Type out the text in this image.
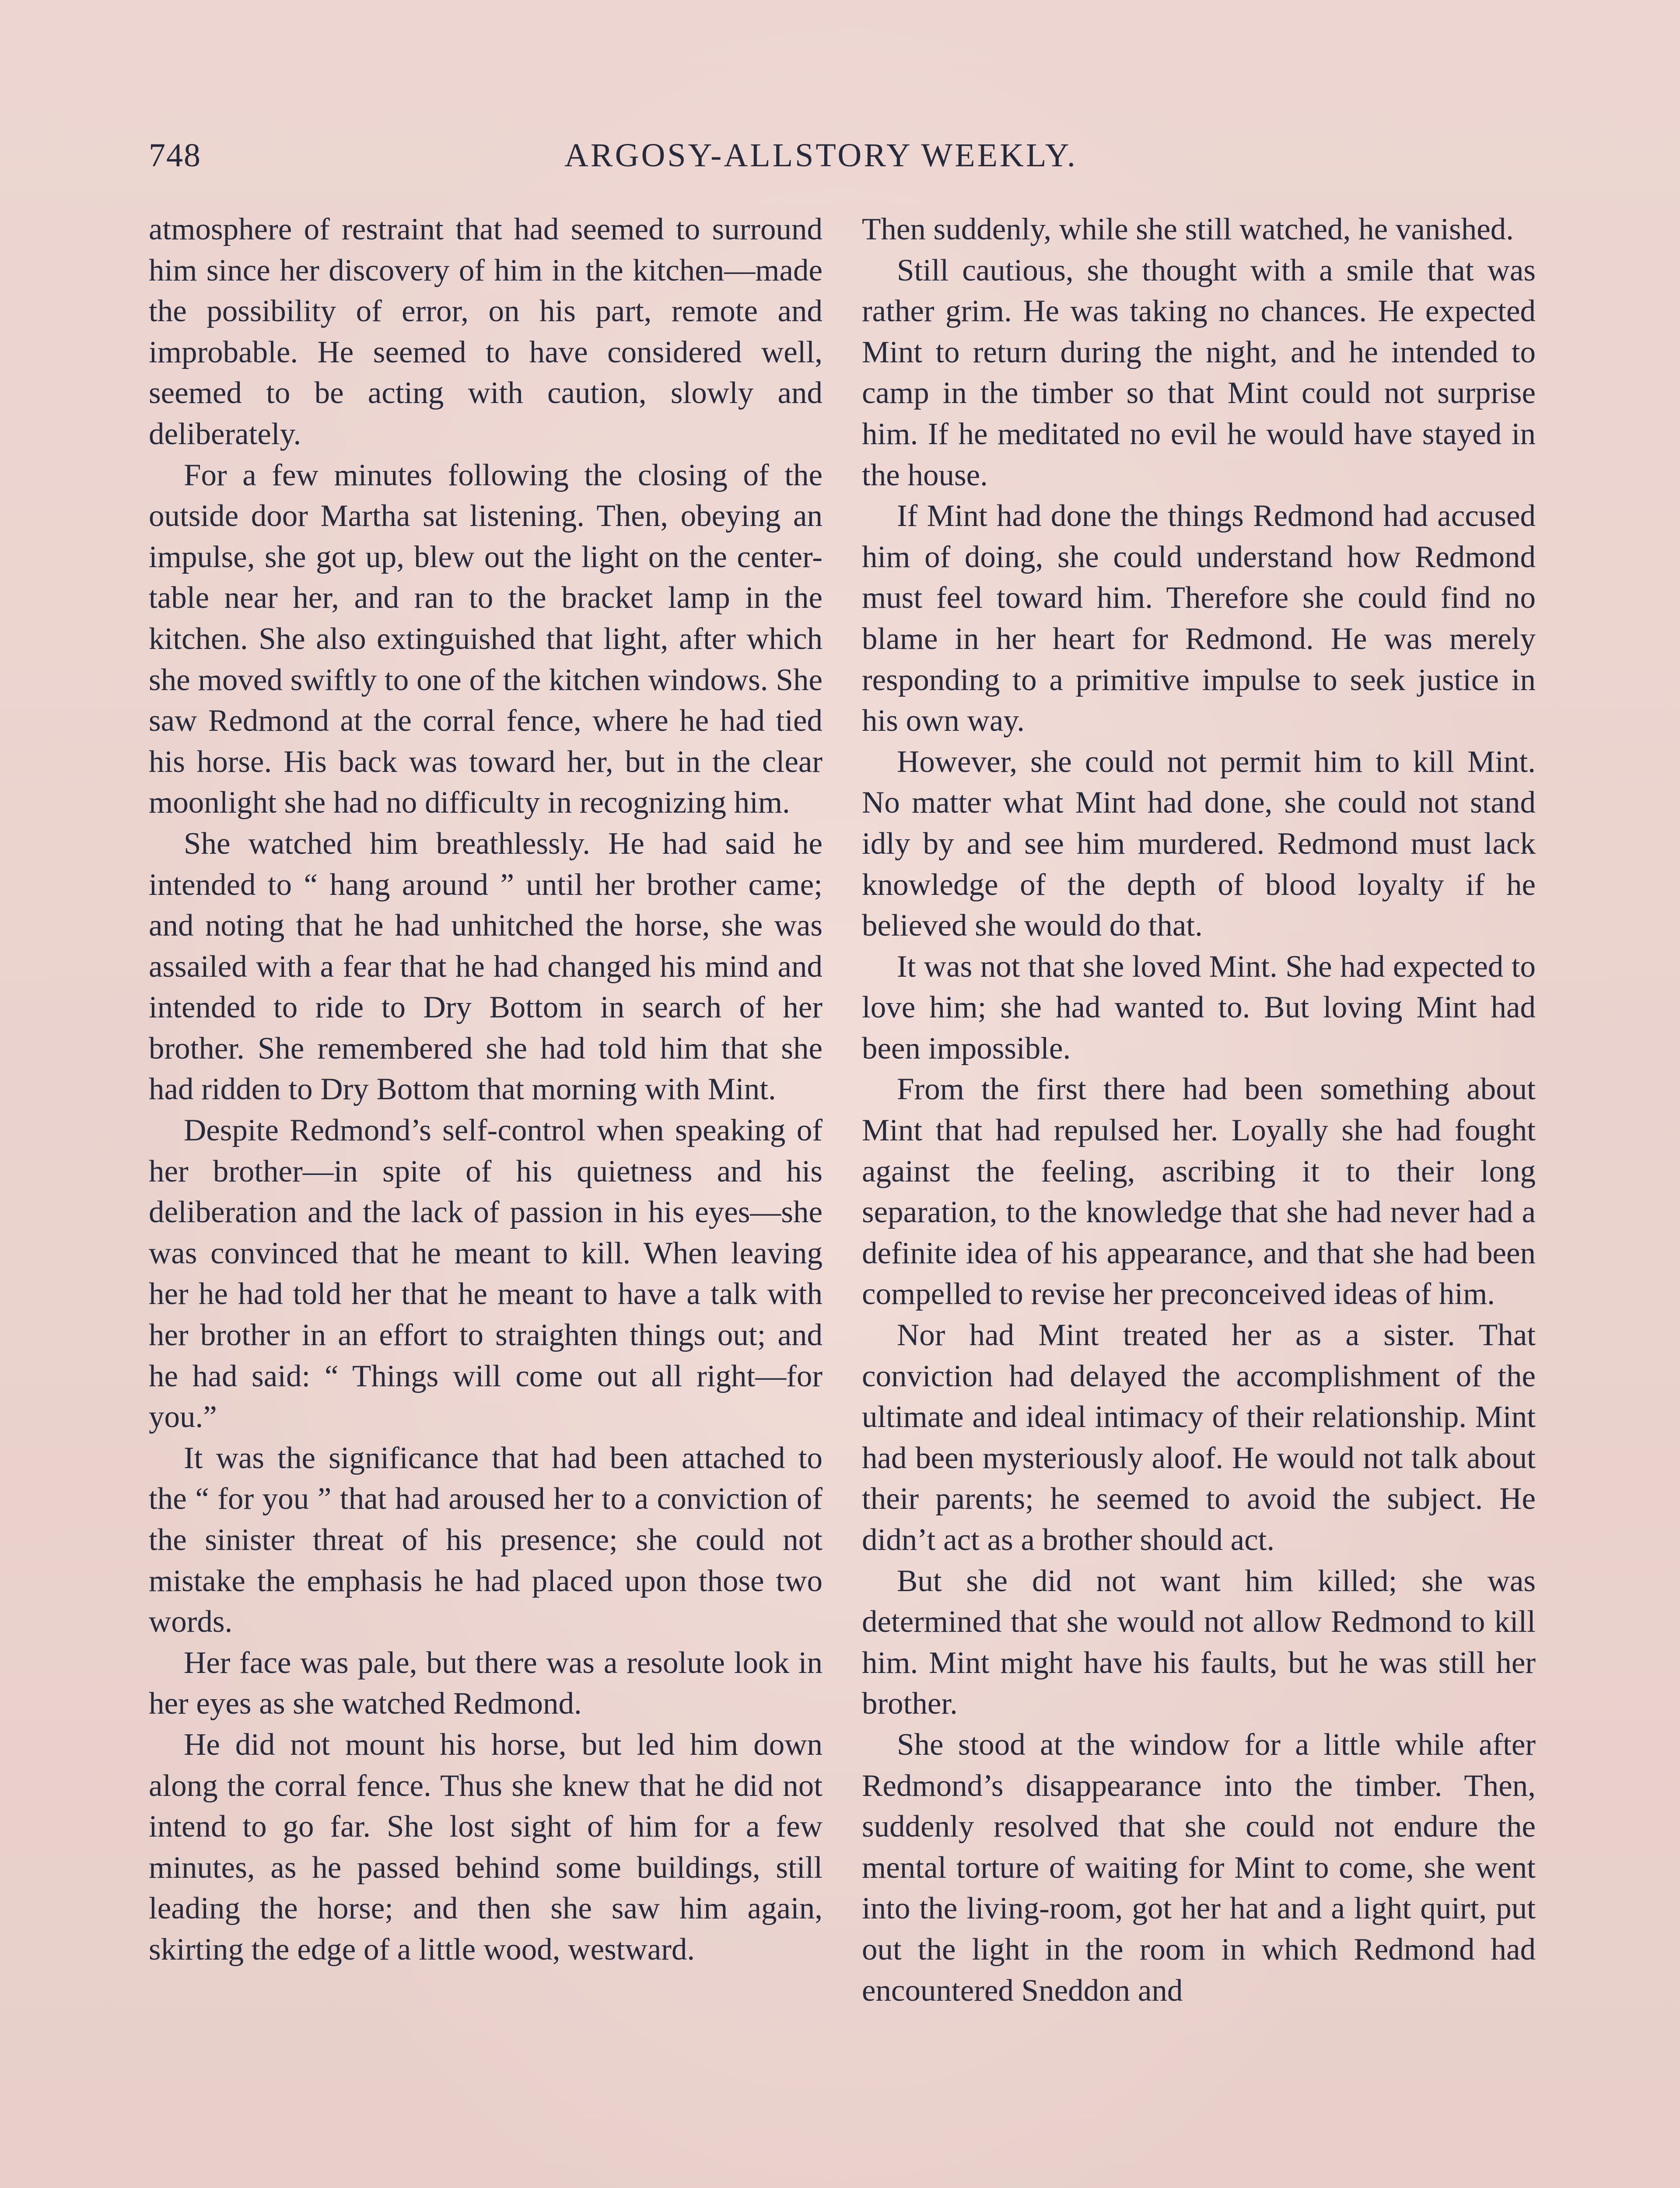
748	ARGOSY-ALLSTORY WEEKLY.

atmosphere of restraint that had seemed to surround him since her discovery of him in the kitchen—made the possibility of error, on his part, remote and improbable. He seemed to have considered well, seemed to be acting with caution, slowly and deliberately.

For a few minutes following the closing of the outside door Martha sat listening. Then, obeying an impulse, she got up, blew out the light on the center-table near her, and ran to the bracket lamp in the kitchen. She also extinguished that light, after which she moved swiftly to one of the kitchen windows. She saw Redmond at the corral fence, where he had tied his horse. His back was toward her, but in the clear moonlight she had no difficulty in recognizing him.

She watched him breathlessly. He had said he intended to “ hang around ” until her brother came; and noting that he had unhitched the horse, she was assailed with a fear that he had changed his mind and intended to ride to Dry Bottom in search of her brother. She remembered she had told him that she had ridden to Dry Bottom that morning with Mint.

Despite Redmond’s self-control when speaking of her brother—in spite of his quietness and his deliberation and the lack of passion in his eyes—she was convinced that he meant to kill. When leaving her he had told her that he meant to have a talk with her brother in an effort to straighten things out; and he had said: “ Things will come out all right—for you.”

It was the significance that had been attached to the “ for you ” that had aroused her to a conviction of the sinister threat of his presence; she could not mistake the emphasis he had placed upon those two words.

Her face was pale, but there was a resolute look in her eyes as she watched Redmond.

He did not mount his horse, but led him down along the corral fence. Thus she knew that he did not intend to go far. She lost sight of him for a few minutes, as he passed behind some buildings, still leading the horse; and then she saw him again, skirting the edge of a little wood, westward.

Then suddenly, while she still watched, he vanished.

Still cautious, she thought with a smile that was rather grim. He was taking no chances. He expected Mint to return during the night, and he intended to camp in the timber so that Mint could not surprise him. If he meditated no evil he would have stayed in the house.

If Mint had done the things Redmond had accused him of doing, she could understand how Redmond must feel toward him. Therefore she could find no blame in her heart for Redmond. He was merely responding to a primitive impulse to seek justice in his own way.

However, she could not permit him to kill Mint. No matter what Mint had done, she could not stand idly by and see him murdered. Redmond must lack knowledge of the depth of blood loyalty if he believed she would do that.

It was not that she loved Mint. She had expected to love him; she had wanted to. But loving Mint had been impossible.

From the first there had been something about Mint that had repulsed her. Loyally she had fought against the feeling, ascribing it to their long separation, to the knowledge that she had never had a definite idea of his appearance, and that she had been compelled to revise her preconceived ideas of him.

Nor had Mint treated her as a sister. That conviction had delayed the accomplishment of the ultimate and ideal intimacy of their relationship. Mint had been mysteriously aloof. He would not talk about their parents; he seemed to avoid the subject. He didn’t act as a brother should act.

But she did not want him killed; she was determined that she would not allow Redmond to kill him. Mint might have his faults, but he was still her brother.

She stood at the window for a little while after Redmond’s disappearance into the timber. Then, suddenly resolved that she could not endure the mental torture of waiting for Mint to come, she went into the living-room, got her hat and a light quirt, put out the light in the room in which Redmond had encountered Sneddon and
